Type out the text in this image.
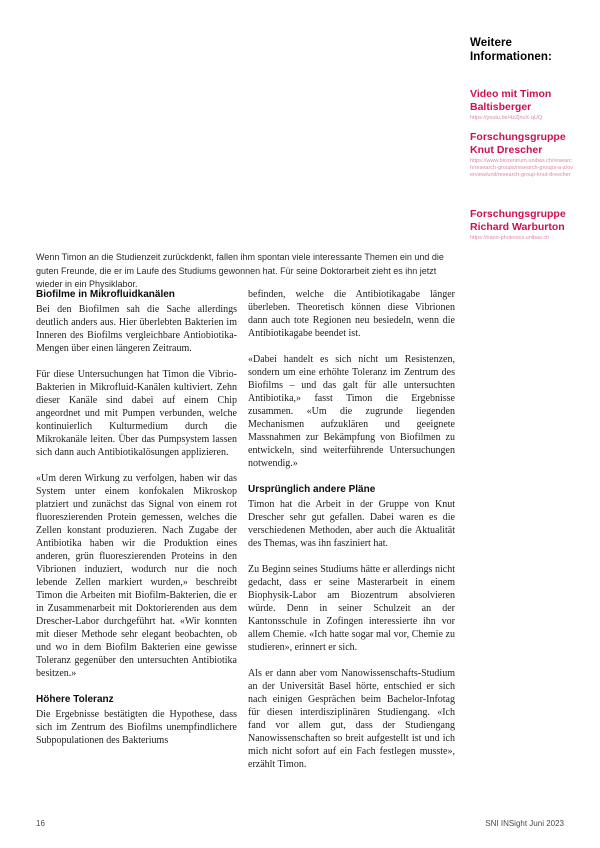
Weitere Informationen:
Video mit Timon Baltisberger
https://youtu.be/4zZjnvX-qUQ
Forschungsgruppe Knut Drescher
https://www.biozentrum.unibas.ch/research/research-groups/research-groups-a-z/overview/unit/research-group-knut-drescher
Forschungsgruppe Richard Warburton
https://nano-photonics.unibas.ch
Wenn Timon an die Studienzeit zurückdenkt, fallen ihm spontan viele interessante Themen ein und die guten Freunde, die er im Laufe des Studiums gewonnen hat. Für seine Doktorarbeit zieht es ihn jetzt wieder in ein Physiklabor.
Biofilme in Mikrofluidkanälen

Bei den Biofilmen sah die Sache allerdings deutlich anders aus. Hier überlebten Bakterien im Inneren des Biofilms vergleichbare Antiobiotika-Mengen über einen längeren Zeitraum.

Für diese Untersuchungen hat Timon die Vibrio-Bakterien in Mikrofluid-Kanälen kultiviert. Zehn dieser Kanäle sind dabei auf einem Chip angeordnet und mit Pumpen verbunden, welche kontinuierlich Kulturmedium durch die Mikrokanäle leiten. Über das Pumpsystem lassen sich dann auch Antibiotikalösungen applizieren.

«Um deren Wirkung zu verfolgen, haben wir das System unter einem konfokalen Mikroskop platziert und zunächst das Signal von einem rot fluoreszierenden Protein gemessen, welches die Zellen konstant produzieren. Nach Zugabe der Antibiotika haben wir die Produktion eines anderen, grün fluoreszierenden Proteins in den Vibrionen induziert, wodurch nur die noch lebende Zellen markiert wurden,» beschreibt Timon die Arbeiten mit Biofilm-Bakterien, die er in Zusammenarbeit mit Doktorierenden aus dem Drescher-Labor durchgeführt hat. «Wir konnten mit dieser Methode sehr elegant beobachten, ob und wo in dem Biofilm Bakterien eine gewisse Toleranz gegenüber den untersuchten Antibiotika besitzen.»

Höhere Toleranz

Die Ergebnisse bestätigten die Hypothese, dass sich im Zentrum des Biofilms unempfindlichere Subpopulationen des Bakteriums

befinden, welche die Antibiotikagabe länger überleben. Theoretisch können diese Vibrionen dann auch tote Regionen neu besiedeln, wenn die Antibiotikagabe beendet ist.

«Dabei handelt es sich nicht um Resistenzen, sondern um eine erhöhte Toleranz im Zentrum des Biofilms – und das galt für alle untersuchten Antibiotika,» fasst Timon die Ergebnisse zusammen. «Um die zugrunde liegenden Mechanismen aufzuklären und geeignete Massnahmen zur Bekämpfung von Biofilmen zu entwickeln, sind weiterführende Untersuchungen notwendig.»

Ursprünglich andere Pläne

Timon hat die Arbeit in der Gruppe von Knut Drescher sehr gut gefallen. Dabei waren es die verschiedenen Methoden, aber auch die Aktualität des Themas, was ihn fasziniert hat.

Zu Beginn seines Studiums hätte er allerdings nicht gedacht, dass er seine Masterarbeit in einem Biophysik-Labor am Biozentrum absolvieren würde. Denn in seiner Schulzeit an der Kantonsschule in Zofingen interessierte ihn vor allem Chemie. «Ich hatte sogar mal vor, Chemie zu studieren», erinnert er sich.

Als er dann aber vom Nanowissenschafts-Studium an der Universität Basel hörte, entschied er sich nach einigen Gesprächen beim Bachelor-Infotag für diesen interdisziplinären Studiengang. «Ich fand vor allem gut, dass der Studiengang Nanowissenschaften so breit aufgestellt ist und ich mich nicht sofort auf ein Fach festlegen musste», erzählt Timon.

16	SNI INSight Juni 2023
